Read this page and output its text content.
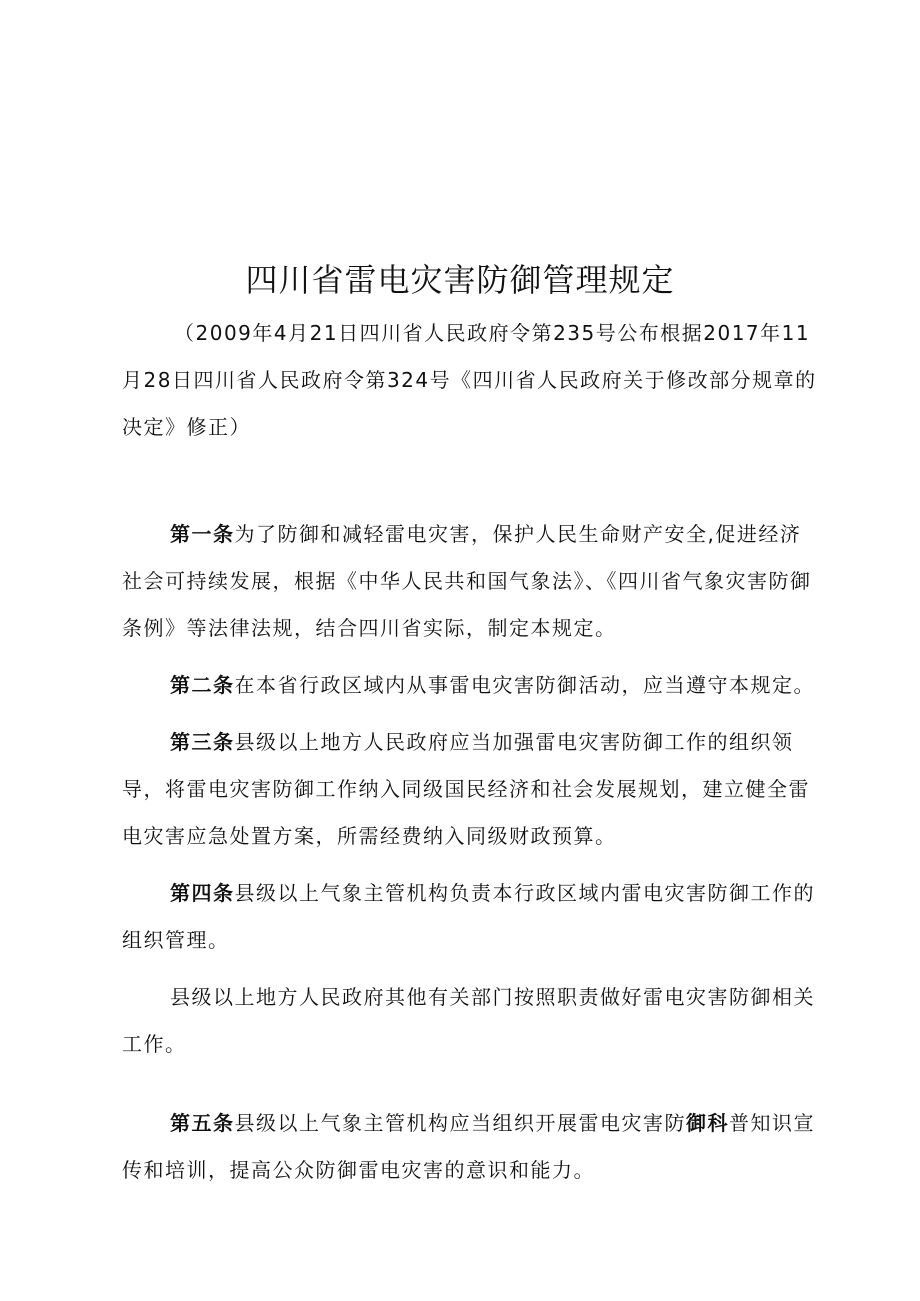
四川省雷电灾害防御管理规定

（2009年4月21日四川省人民政府令第235号公布根据2017年11月28日四川省人民政府令第324号《四川省人民政府关于修改部分规章的决定》修正）

第一条为了防御和减轻雷电灾害，保护人民生命财产安全,促进经济社会可持续发展，根据《中华人民共和国气象法》、《四川省气象灾害防御条例》等法律法规，结合四川省实际，制定本规定。

第二条在本省行政区域内从事雷电灾害防御活动，应当遵守本规定。

第三条县级以上地方人民政府应当加强雷电灾害防御工作的组织领导，将雷电灾害防御工作纳入同级国民经济和社会发展规划，建立健全雷电灾害应急处置方案，所需经费纳入同级财政预算。

第四条县级以上气象主管机构负责本行政区域内雷电灾害防御工作的组织管理。

县级以上地方人民政府其他有关部门按照职责做好雷电灾害防御相关工作。

第五条县级以上气象主管机构应当组织开展雷电灾害防御科普知识宣传和培训，提高公众防御雷电灾害的意识和能力。
